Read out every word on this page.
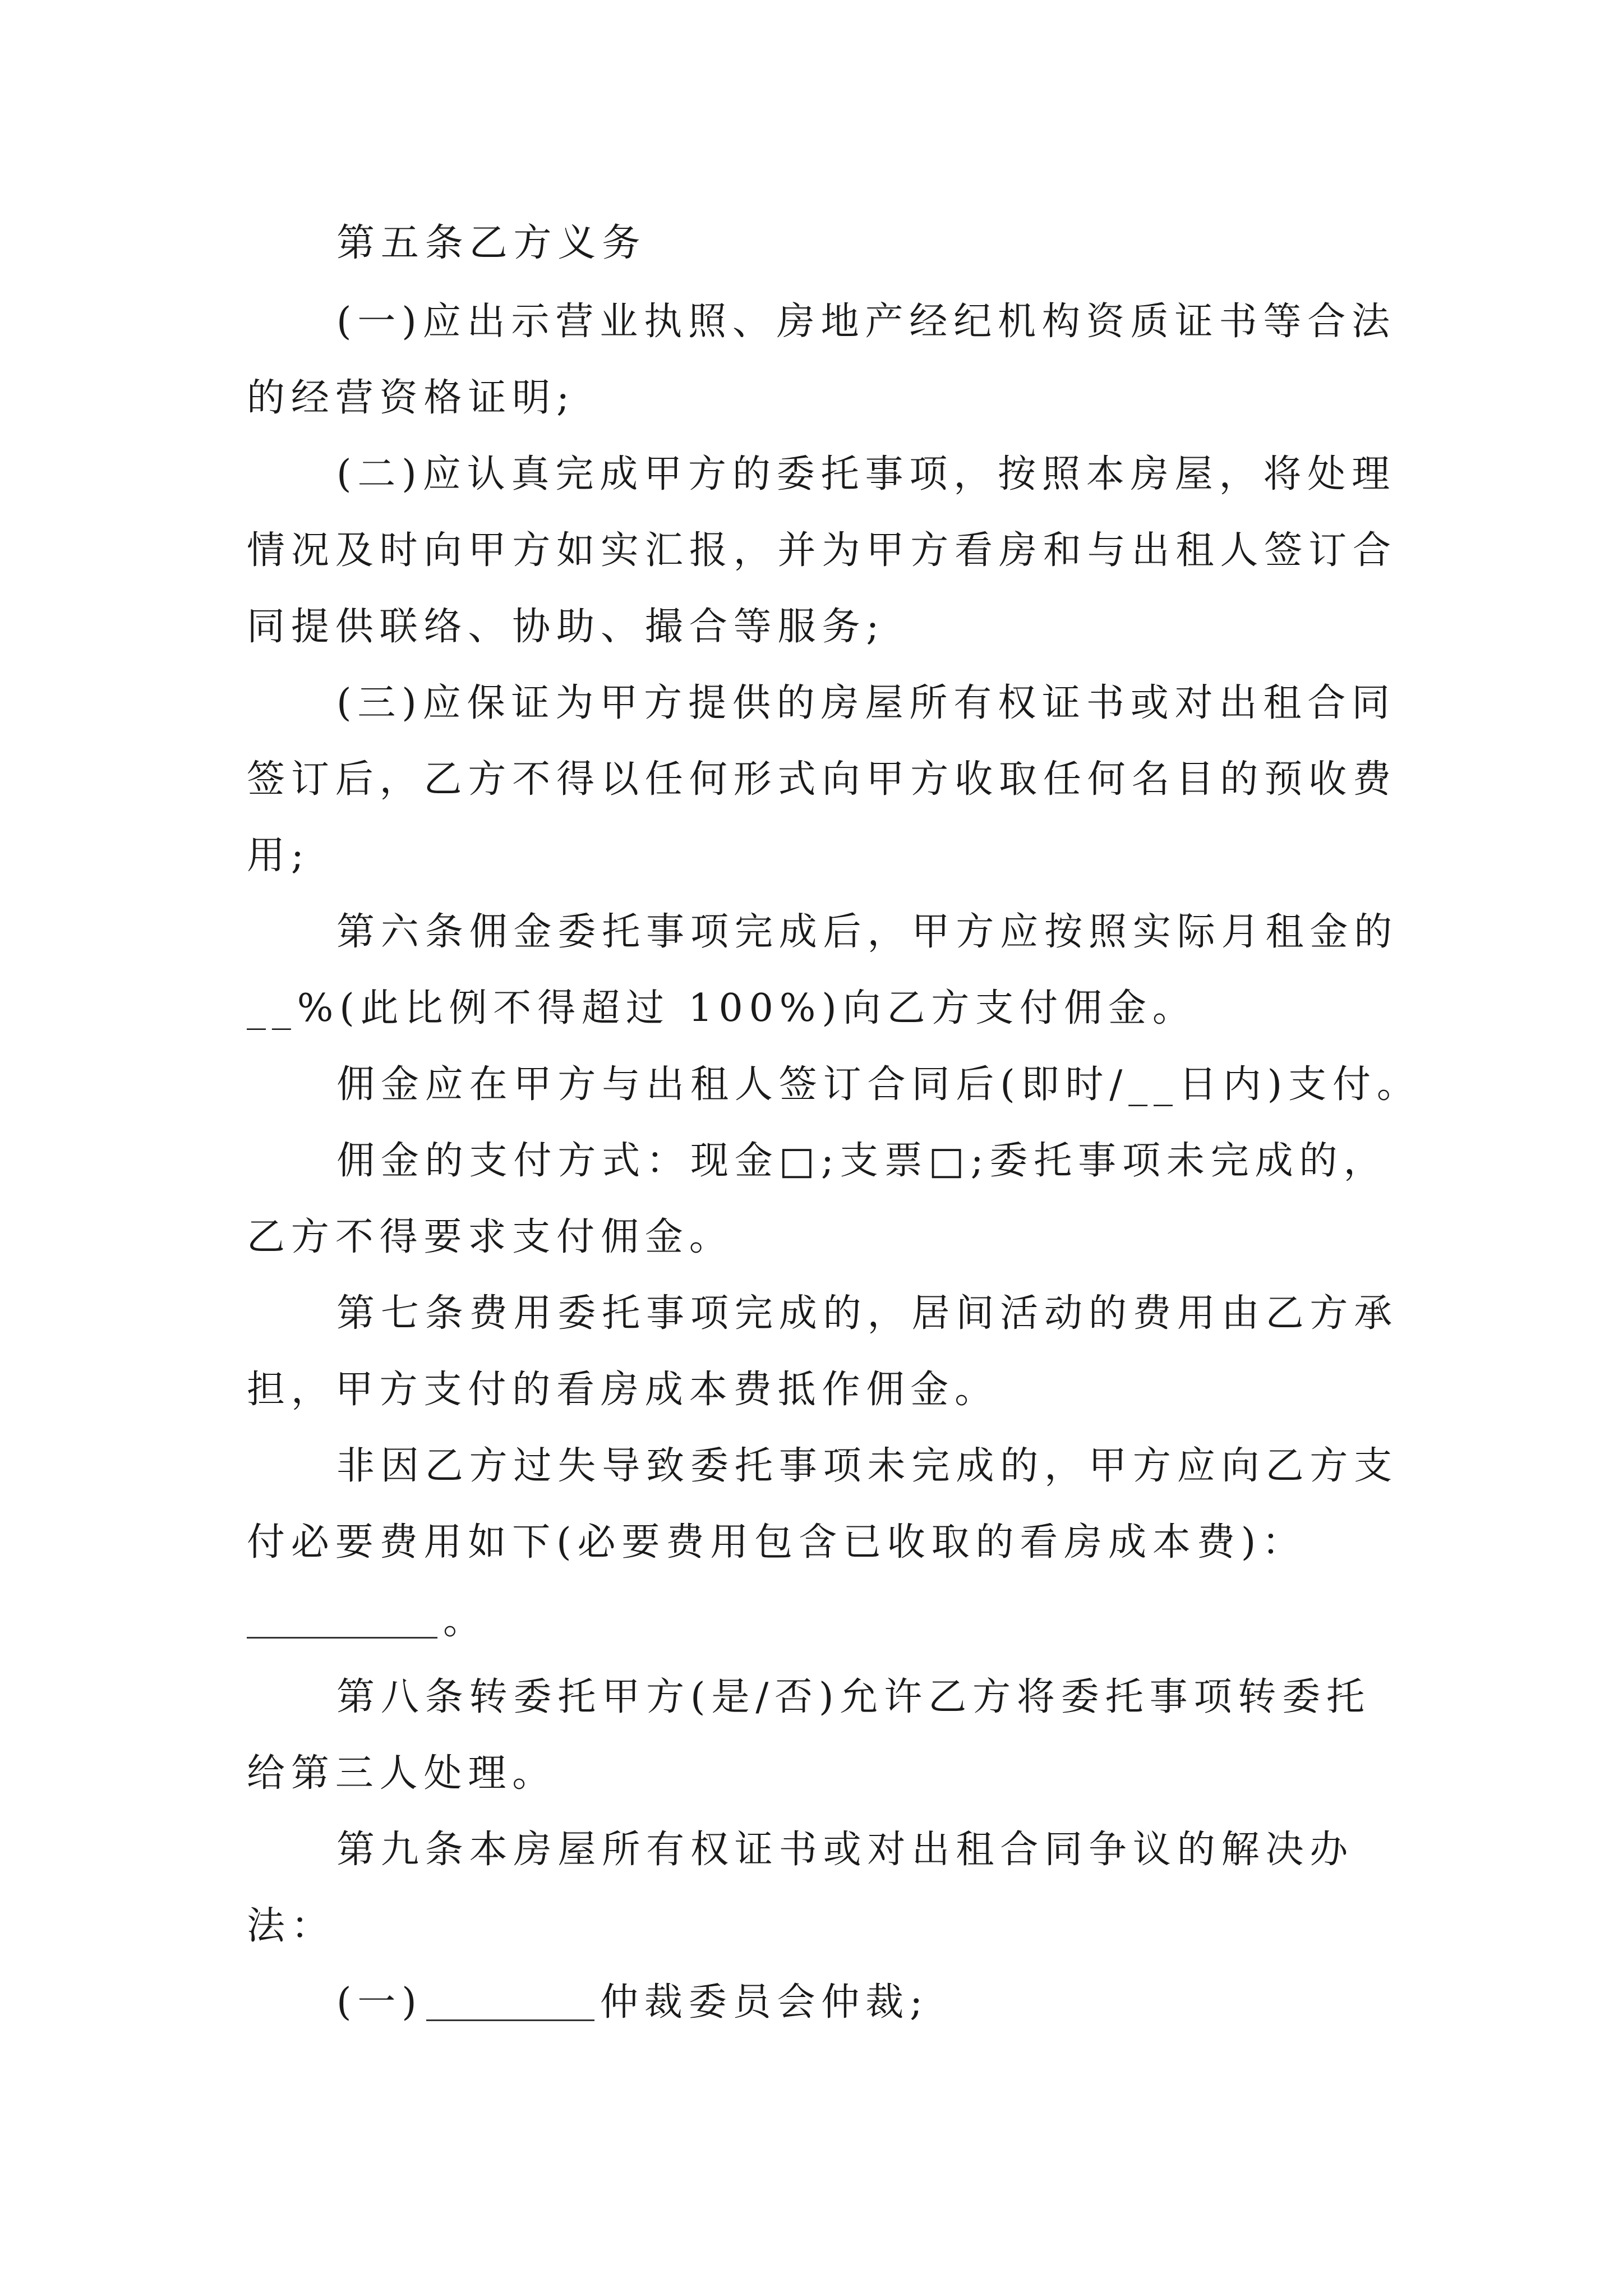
第五条乙方义务
(一)应出示营业执照、房地产经纪机构资质证书等合法
的经营资格证明;
(二)应认真完成甲方的委托事项，按照本房屋，将处理
情况及时向甲方如实汇报，并为甲方看房和与出租人签订合
同提供联络、协助、撮合等服务;
(三)应保证为甲方提供的房屋所有权证书或对出租合同
签订后，乙方不得以任何形式向甲方收取任何名目的预收费
用;
第六条佣金委托事项完成后，甲方应按照实际月租金的
__%(此比例不得超过 100%)向乙方支付佣金。
佣金应在甲方与出租人签订合同后(即时/__日内)支付。
佣金的支付方式：现金□;支票□;委托事项未完成的，
乙方不得要求支付佣金。
第七条费用委托事项完成的，居间活动的费用由乙方承
担，甲方支付的看房成本费抵作佣金。
非因乙方过失导致委托事项未完成的，甲方应向乙方支
付必要费用如下(必要费用包含已收取的看房成本费)：
。
第八条转委托甲方(是/否)允许乙方将委托事项转委托
给第三人处理。
第九条本房屋所有权证书或对出租合同争议的解决办
法：
(一)	仲裁委员会仲裁;
